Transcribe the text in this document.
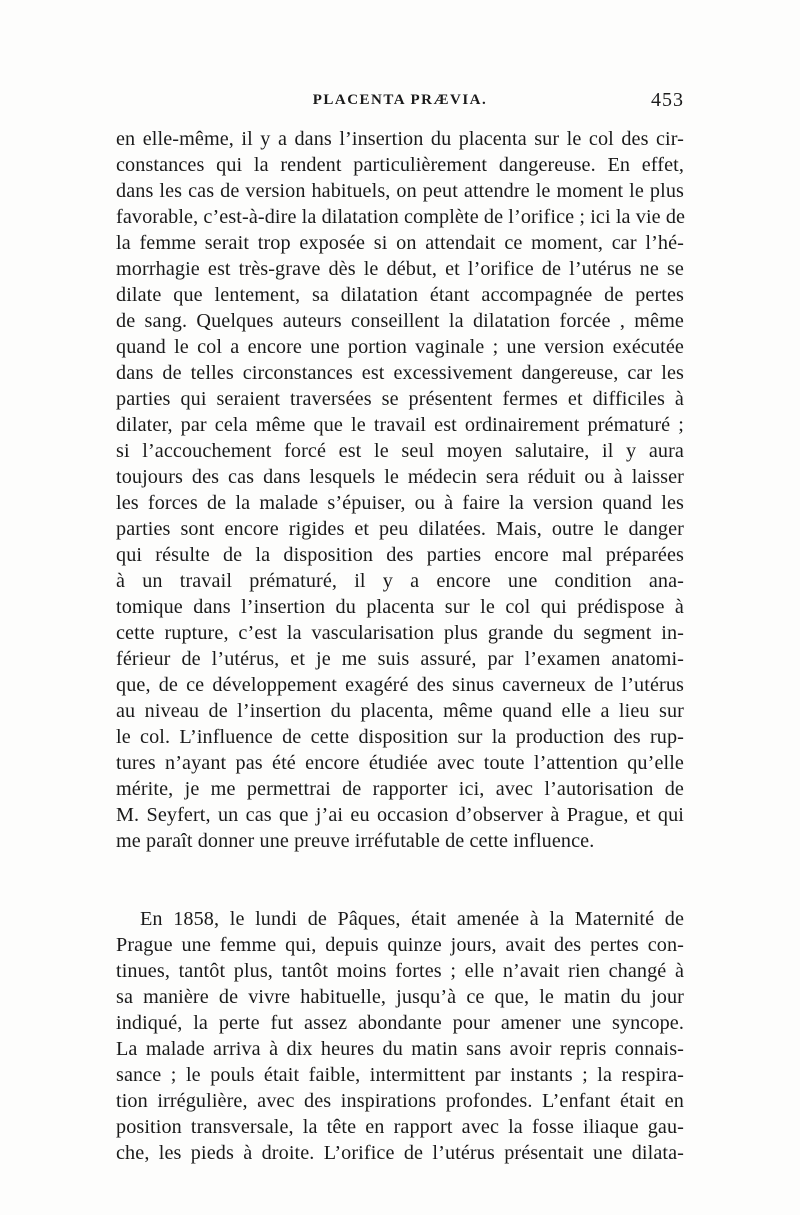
PLACENTA PRÆVIA.	453
en elle-même, il y a dans l’insertion du placenta sur le col des cir-
constances qui la rendent particulièrement dangereuse. En effet,
dans les cas de version habituels, on peut attendre le moment le plus
favorable, c’est-à-dire la dilatation complète de l’orifice ; ici la vie de
la femme serait trop exposée si on attendait ce moment, car l’hé-
morrhagie est très-grave dès le début, et l’orifice de l’utérus ne se
dilate que lentement, sa dilatation étant accompagnée de pertes
de sang. Quelques auteurs conseillent la dilatation forcée , même
quand le col a encore une portion vaginale ; une version exécutée
dans de telles circonstances est excessivement dangereuse, car les
parties qui seraient traversées se présentent fermes et difficiles à
dilater, par cela même que le travail est ordinairement prématuré ;
si l’accouchement forcé est le seul moyen salutaire, il y aura
toujours des cas dans lesquels le médecin sera réduit ou à laisser
les forces de la malade s’épuiser, ou à faire la version quand les
parties sont encore rigides et peu dilatées. Mais, outre le danger
qui résulte de la disposition des parties encore mal préparées
à un travail prématuré, il y a encore une condition ana-
tomique dans l’insertion du placenta sur le col qui prédispose à
cette rupture, c’est la vascularisation plus grande du segment in-
férieur de l’utérus, et je me suis assuré, par l’examen anatomi-
que, de ce développement exagéré des sinus caverneux de l’utérus
au niveau de l’insertion du placenta, même quand elle a lieu sur
le col. L’influence de cette disposition sur la production des rup-
tures n’ayant pas été encore étudiée avec toute l’attention qu’elle
mérite, je me permettrai de rapporter ici, avec l’autorisation de
M. Seyfert, un cas que j’ai eu occasion d’observer à Prague, et qui
me paraît donner une preuve irréfutable de cette influence.
En 1858, le lundi de Pâques, était amenée à la Maternité de
Prague une femme qui, depuis quinze jours, avait des pertes con-
tinues, tantôt plus, tantôt moins fortes ; elle n’avait rien changé à
sa manière de vivre habituelle, jusqu’à ce que, le matin du jour
indiqué, la perte fut assez abondante pour amener une syncope.
La malade arriva à dix heures du matin sans avoir repris connais-
sance ; le pouls était faible, intermittent par instants ; la respira-
tion irrégulière, avec des inspirations profondes. L’enfant était en
position transversale, la tête en rapport avec la fosse iliaque gau-
che, les pieds à droite. L’orifice de l’utérus présentait une dilata-
